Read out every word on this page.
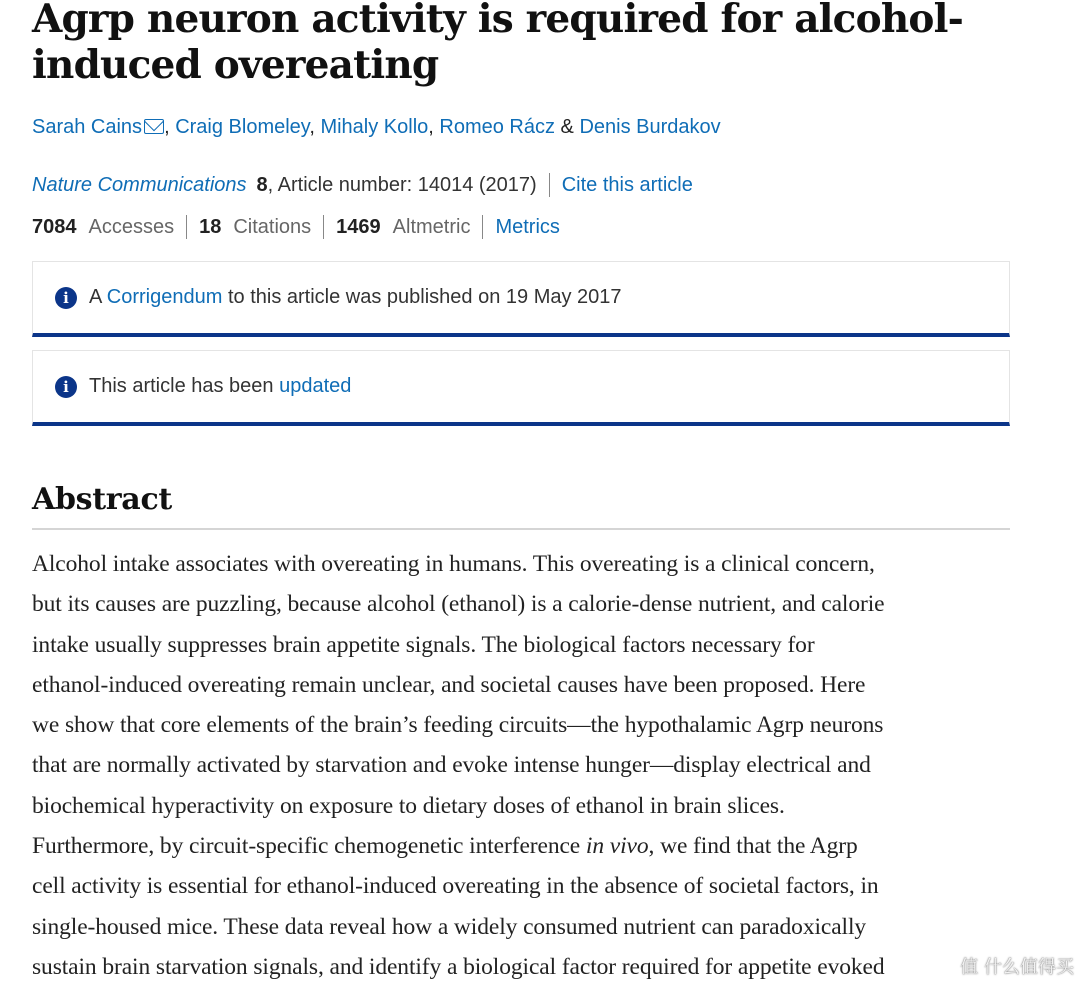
Agrp neuron activity is required for alcohol-
induced overeating
Sarah Cains , Craig Blomeley, Mihaly Kollo, Romeo Rácz & Denis Burdakov
Nature Communications 8 , Article number: 14014 (2017) Cite this article
7084 Accesses 18 Citations 1469 Altmetric Metrics
i	A Corrigendum to this article was published on 19 May 2017
i	This article has been updated
Abstract

Alcohol intake associates with overeating in humans. This overeating is a clinical concern,
but its causes are puzzling, because alcohol (ethanol) is a calorie-dense nutrient, and calorie
intake usually suppresses brain appetite signals. The biological factors necessary for
ethanol-induced overeating remain unclear, and societal causes have been proposed. Here
we show that core elements of the brain’s feeding circuits—the hypothalamic Agrp neurons
that are normally activated by starvation and evoke intense hunger—display electrical and
biochemical hyperactivity on exposure to dietary doses of ethanol in brain slices.
Furthermore, by circuit-specific chemogenetic interference in vivo, we find that the Agrp
cell activity is essential for ethanol-induced overeating in the absence of societal factors, in
single-housed mice. These data reveal how a widely consumed nutrient can paradoxically
sustain brain starvation signals, and identify a biological factor required for appetite evoked	值 什么值得买
